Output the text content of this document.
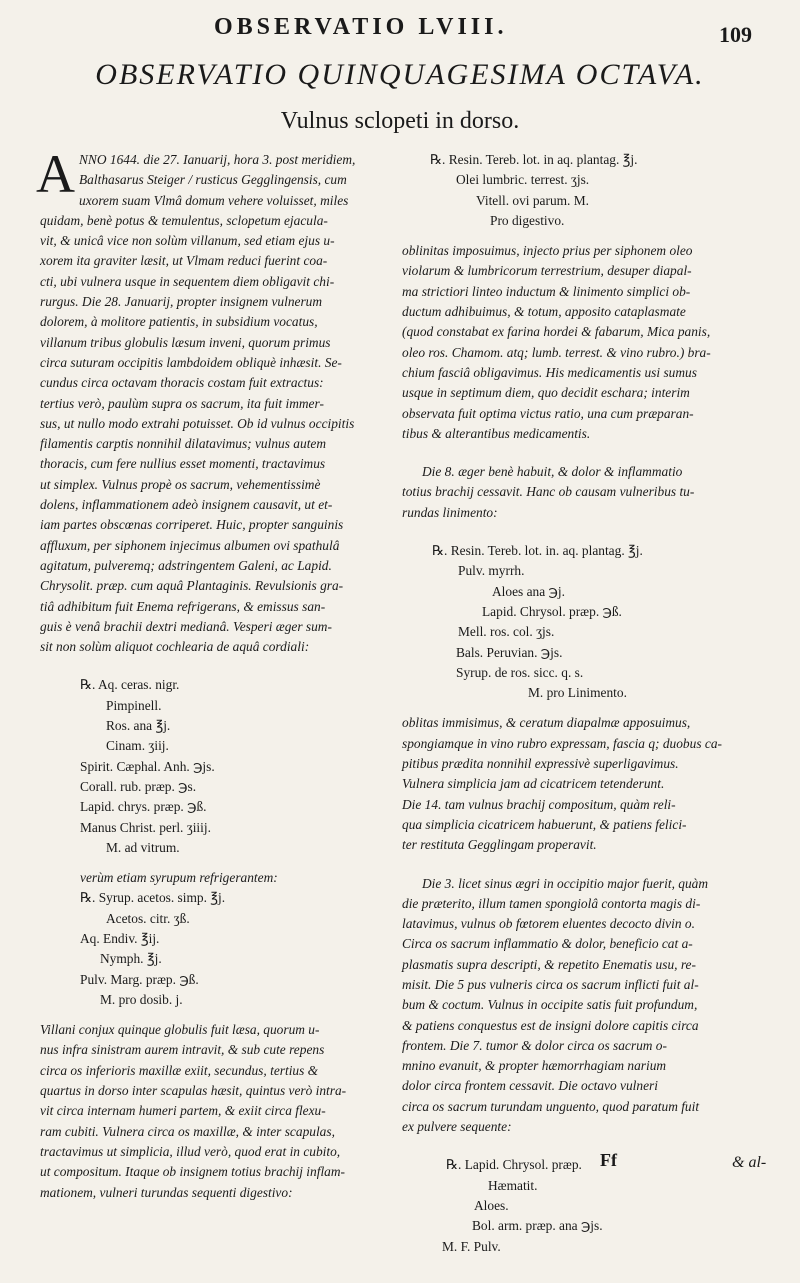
OBSERVATIO LVIII.	109
OBSERVATIO QUINQUAGESIMA OCTAVA.
Vulnus sclopeti in dorso.
A NNO 1644. die 27. Ianuarij, hora 3. post meridiem,
Balthasarus Steiger / rusticus Gegglingensis, cum
uxorem suam Vlmâ domum vehere voluisset, miles
quidam, benè potus & temulentus, sclopetum ejacula-
vit, & unicâ vice non solùm villanum, sed etiam ejus u-
xorem ita graviter læsit, ut Vlmam reduci fuerint coa-
cti, ubi vulnera usque in sequentem diem obligavit chi-
rurgus. Die 28. Januarij, propter insignem vulnerum
dolorem, à molitore patientis, in subsidium vocatus,
villanum tribus globulis læsum inveni, quorum primus
circa suturam occipitis lambdoidem obliquè inhæsit. Se-
cundus circa octavam thoracis costam fuit extractus:
tertius verò, paulùm supra os sacrum, ita fuit immer-
sus, ut nullo modo extrahi potuisset. Ob id vulnus occipitis
filamentis carptis nonnihil dilatavimus; vulnus autem
thoracis, cum fere nullius esset momenti, tractavimus
ut simplex. Vulnus propè os sacrum, vehementissimè
dolens, inflammationem adeò insignem causavit, ut et-
iam partes obscœnas corriperet. Huic, propter sanguinis
affluxum, per siphonem injecimus albumen ovi spathulâ
agitatum, pulveremq; adstringentem Galeni, ac Lapid.
Chrysolit. præp. cum aquâ Plantaginis. Revulsionis gra-
tiâ adhibitum fuit Enema refrigerans, & emissus san-
guis è venâ brachii dextri medianâ. Vesperi æger sum-
sit non solùm aliquot cochlearia de aquâ cordiali:
℞. Aq. ceras. nigr.
Pimpinell.
Ros. ana ℥j.
Cinam. ʒiij.
Spirit. Cæphal. Anh. ℈js.
Corall. rub. præp. ℈s.
Lapid. chrys. præp. ℈ß.
Manus Christ. perl. ʒiiij.
M. ad vitrum.
verùm etiam syrupum refrigerantem:
℞. Syrup. acetos. simp. ℥j.
Acetos. citr. ʒß.
Aq. Endiv. ℥ij.
Nymph. ℥j.
Pulv. Marg. præp. ℈ß.
M. pro dosib. j.
Villani conjux quinque globulis fuit læsa, quorum u-
nus infra sinistram aurem intravit, & sub cute repens
circa os inferioris maxillæ exiit, secundus, tertius &
quartus in dorso inter scapulas hæsit, quintus verò intra-
vit circa internam humeri partem, & exiit circa flexu-
ram cubiti. Vulnera circa os maxillæ, & inter scapulas,
tractavimus ut simplicia, illud verò, quod erat in cubito,
ut compositum. Itaque ob insignem totius brachij inflam-
mationem, vulneri turundas sequenti digestivo:
℞. Resin. Tereb. lot. in aq. plantag. ℥j.
Olei lumbric. terrest. ʒjs.
Vitell. ovi parum. M.
Pro digestivo.
oblinitas imposuimus, injecto prius per siphonem oleo
violarum & lumbricorum terrestrium, desuper diapal-
ma strictiori linteo inductum & linimento simplici ob-
ductum adhibuimus, & totum, apposito cataplasmate
(quod constabat ex farina hordei & fabarum, Mica panis,
oleo ros. Chamom. atq; lumb. terrest. & vino rubro.) bra-
chium fasciâ obligavimus. His medicamentis usi sumus
usque in septimum diem, quo decidit eschara; interim
observata fuit optima victus ratio, una cum præparan-
tibus & alterantibus medicamentis.
Die 8. æger benè habuit, & dolor & inflammatio
totius brachij cessavit. Hanc ob causam vulneribus tu-
rundas linimento:
℞. Resin. Tereb. lot. in. aq. plantag. ℥j.
Pulv. myrrh.
Aloes ana ℈j.
Lapid. Chrysol. præp. ℈ß.
Mell. ros. col. ʒjs.
Bals. Peruvian. ℈js.
Syrup. de ros. sicc. q. s.
M. pro Linimento.
oblitas immisimus, & ceratum diapalmæ apposuimus,
spongiamque in vino rubro expressam, fascia q; duobus ca-
pitibus prædita nonnihil expressivè superligavimus.
Vulnera simplicia jam ad cicatricem tetenderunt.
Die 14. tam vulnus brachij compositum, quàm reli-
qua simplicia cicatricem habuerunt, & patiens felici-
ter restituta Gegglingam properavit.
Die 3. licet sinus ægri in occipitio major fuerit, quàm
die præterito, illum tamen spongiolâ contorta magis di-
latavimus, vulnus ob fœtorem eluentes decocto divin o.
Circa os sacrum inflammatio & dolor, beneficio cat a-
plasmatis supra descripti, & repetito Enematis usu, re-
misit. Die 5 pus vulneris circa os sacrum inflicti fuit al-
bum & coctum. Vulnus in occipite satis fuit profundum,
& patiens conquestus est de insigni dolore capitis circa
frontem. Die 7. tumor & dolor circa os sacrum o-
mnino evanuit, & propter hæmorrhagiam narium
dolor circa frontem cessavit. Die octavo vulneri
circa os sacrum turundam unguento, quod paratum fuit
ex pulvere sequente:
℞. Lapid. Chrysol. præp.
Hæmatit.
Aloes.
Bol. arm. præp. ana ℈js.
M. F. Pulv.
Ff	& al-
